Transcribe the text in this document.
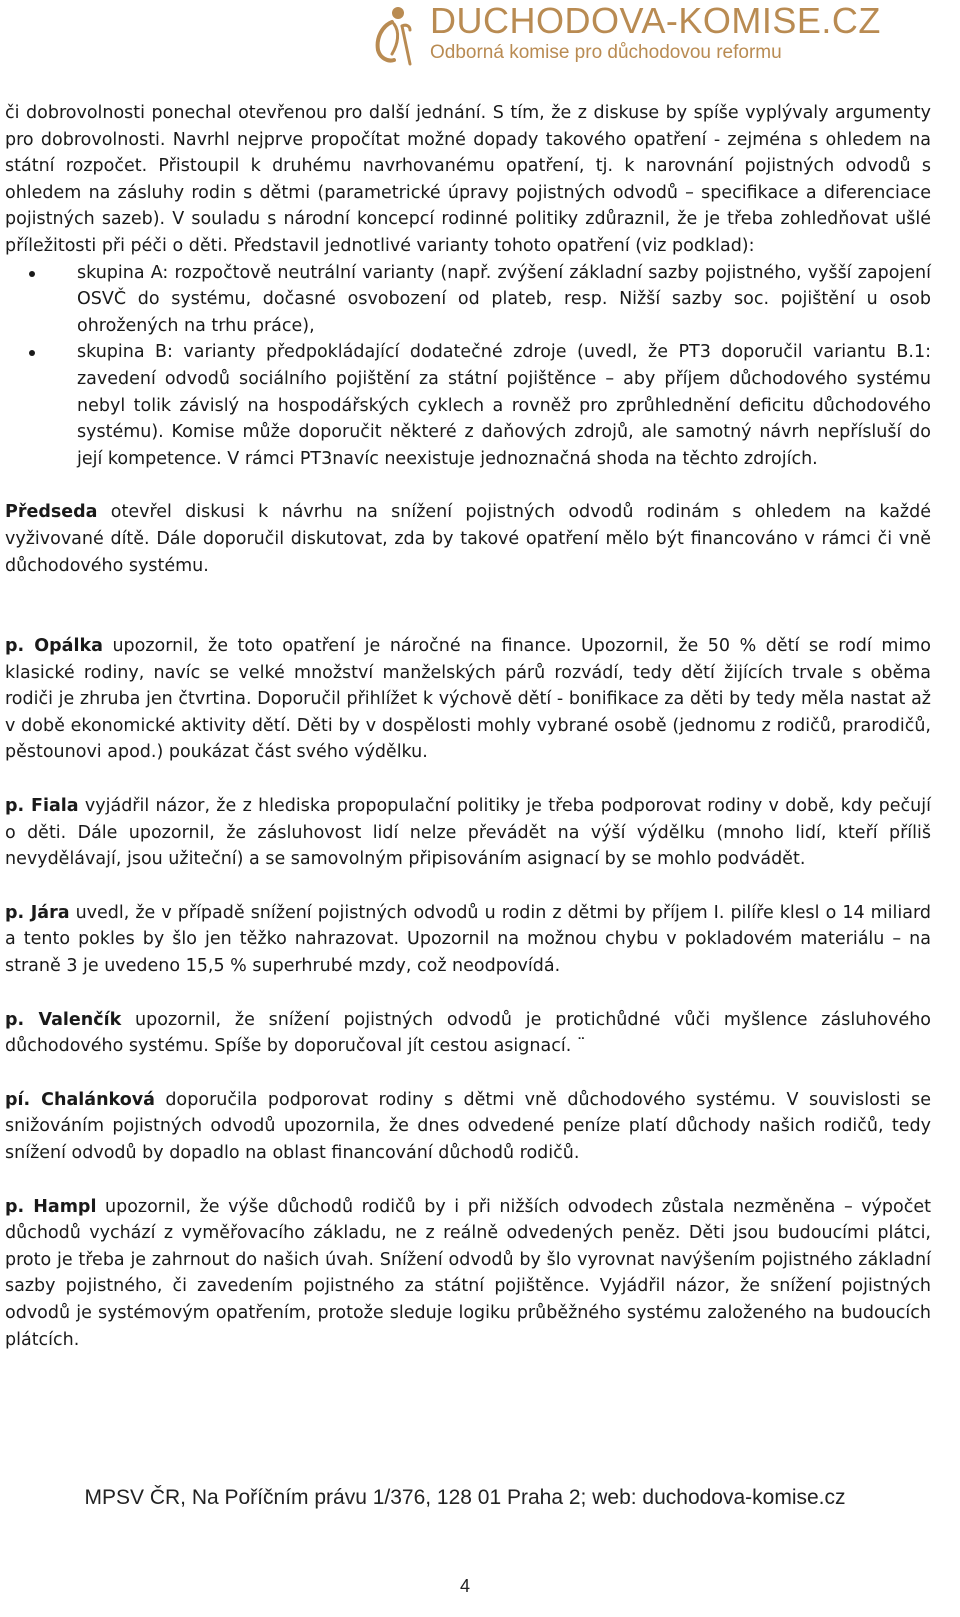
DUCHODOVA-KOMISE.CZ
Odborná komise pro důchodovou reformu

či dobrovolnosti ponechal otevřenou pro další jednání. S tím, že z diskuse by spíše vyplývaly argumenty pro dobrovolnosti. Navrhl nejprve propočítat možné dopady takového opatření - zejména s ohledem na státní rozpočet. Přistoupil k druhému navrhovanému opatření, tj. k narovnání pojistných odvodů s ohledem na zásluhy rodin s dětmi (parametrické úpravy pojistných odvodů – specifikace a diferenciace pojistných sazeb). V souladu s národní koncepcí rodinné politiky zdůraznil, že je třeba zohledňovat ušlé příležitosti při péči o děti. Představil jednotlivé varianty tohoto opatření (viz podklad):

skupina A: rozpočtově neutrální varianty (např. zvýšení základní sazby pojistného, vyšší zapojení OSVČ do systému, dočasné osvobození od plateb, resp. Nižší sazby soc. pojištění u osob ohrožených na trhu práce),
skupina B: varianty předpokládající dodatečné zdroje (uvedl, že PT3 doporučil variantu B.1: zavedení odvodů sociálního pojištění za státní pojištěnce – aby příjem důchodového systému nebyl tolik závislý na hospodářských cyklech a rovněž pro zprůhlednění deficitu důchodového systému). Komise může doporučit některé z daňových zdrojů, ale samotný návrh nepřísluší do její kompetence. V rámci PT3navíc neexistuje jednoznačná shoda na těchto zdrojích.

Předseda otevřel diskusi k návrhu na snížení pojistných odvodů rodinám s ohledem na každé vyživované dítě. Dále doporučil diskutovat, zda by takové opatření mělo být financováno v rámci či vně důchodového systému.

p. Opálka upozornil, že toto opatření je náročné na finance. Upozornil, že 50 % dětí se rodí mimo klasické rodiny, navíc se velké množství manželských párů rozvádí, tedy dětí žijících trvale s oběma rodiči je zhruba jen čtvrtina. Doporučil přihlížet k výchově dětí - bonifikace za děti by tedy měla nastat až v době ekonomické aktivity dětí. Děti by v dospělosti mohly vybrané osobě (jednomu z rodičů, prarodičů, pěstounovi apod.) poukázat část svého výdělku.

p. Fiala vyjádřil názor, že z hlediska propopulační politiky je třeba podporovat rodiny v době, kdy pečují o děti. Dále upozornil, že zásluhovost lidí nelze převádět na výší výdělku (mnoho lidí, kteří příliš nevydělávají, jsou užiteční) a se samovolným připisováním asignací by se mohlo podvádět.

p. Jára uvedl, že v případě snížení pojistných odvodů u rodin z dětmi by příjem I. pilíře klesl o 14 miliard a tento pokles by šlo jen těžko nahrazovat. Upozornil na možnou chybu v pokladovém materiálu – na straně 3 je uvedeno 15,5 % superhrubé mzdy, což neodpovídá.

p. Valenčík upozornil, že snížení pojistných odvodů je protichůdné vůči myšlence zásluhového důchodového systému. Spíše by doporučoval jít cestou asignací. ¨

pí. Chalánková doporučila podporovat rodiny s dětmi vně důchodového systému. V souvislosti se snižováním pojistných odvodů upozornila, že dnes odvedené peníze platí důchody našich rodičů, tedy snížení odvodů by dopadlo na oblast financování důchodů rodičů.

p. Hampl upozornil, že výše důchodů rodičů by i při nižších odvodech zůstala nezměněna – výpočet důchodů vychází z vyměřovacího základu, ne z reálně odvedených peněz. Děti jsou budoucími plátci, proto je třeba je zahrnout do našich úvah. Snížení odvodů by šlo vyrovnat navýšením pojistného základní sazby pojistného, či zavedením pojistného za státní pojištěnce. Vyjádřil názor, že snížení pojistných odvodů je systémovým opatřením, protože sleduje logiku průběžného systému založeného na budoucích plátcích.

MPSV ČR, Na Poříčním právu 1/376, 128 01 Praha 2; web: duchodova-komise.cz
4
